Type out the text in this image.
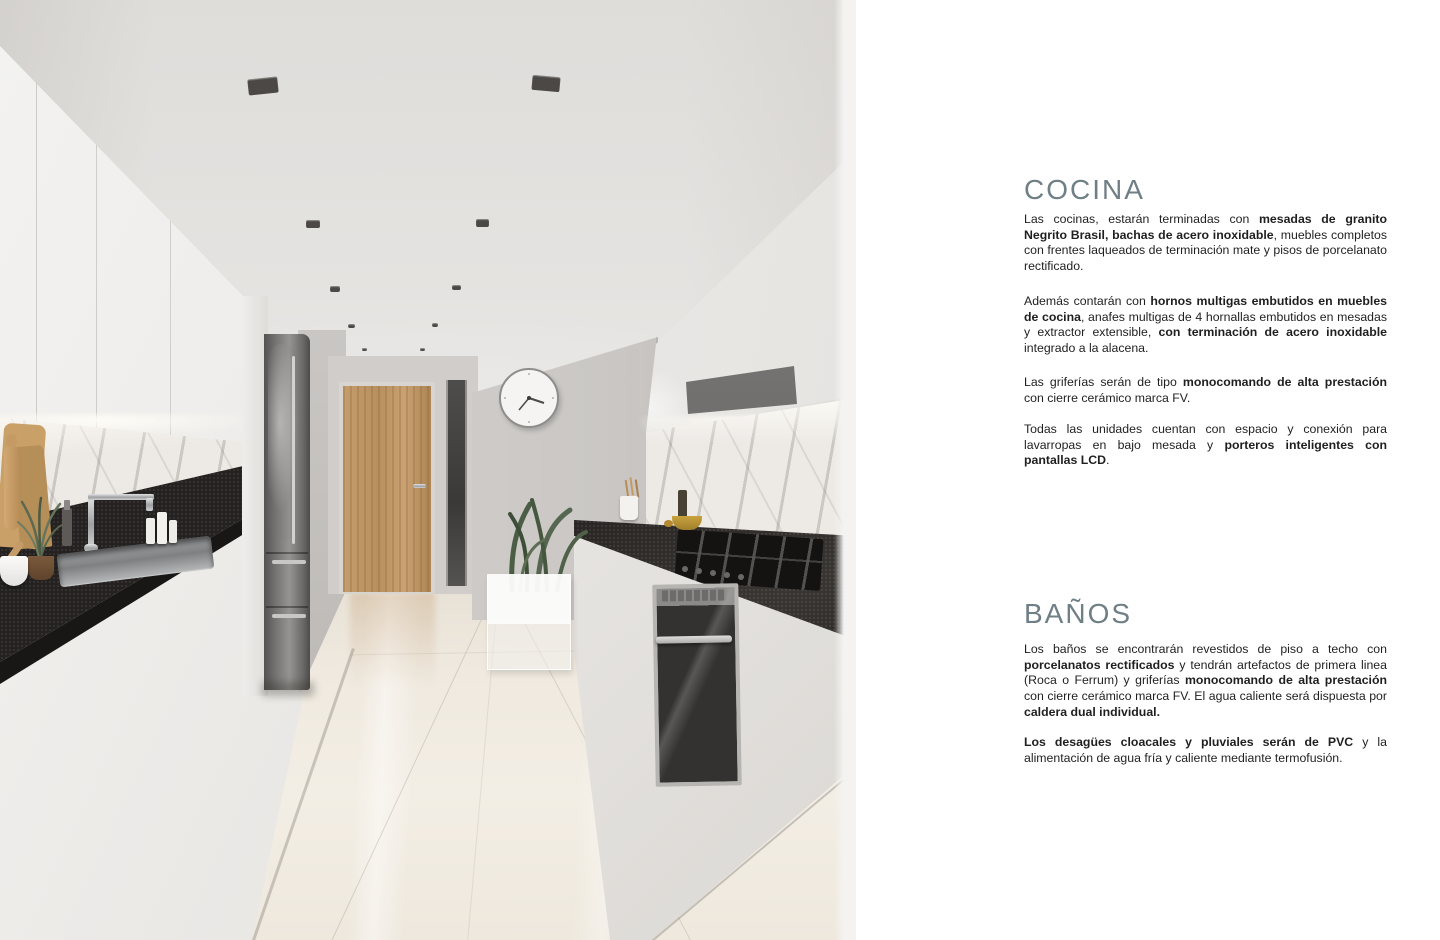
COCINA

Las cocinas, estarán terminadas con mesadas de granito Negrito Brasil, bachas de acero inoxidable, muebles completos con frentes laqueados de terminación mate y pisos de porcelanato rectificado.

Además contarán con hornos multigas embutidos en muebles de cocina, anafes multigas de 4 hornallas embutidos en mesadas y extractor extensible, con terminación de acero inoxidable integrado a la alacena.

Las griferías serán de tipo monocomando de alta prestación con cierre cerámico marca FV.

Todas las unidades cuentan con espacio y conexión para lavarropas en bajo mesada y porteros inteligentes con pantallas LCD.

BAÑOS

Los baños se encontrarán revestidos de piso a techo con porcelanatos rectificados y tendrán artefactos de primera linea (Roca o Ferrum) y griferías monocomando de alta prestación con cierre cerámico marca FV. El agua caliente será dispuesta por caldera dual individual.

Los desagües cloacales y pluviales serán de PVC y la alimentación de agua fría y caliente mediante termofusión.
